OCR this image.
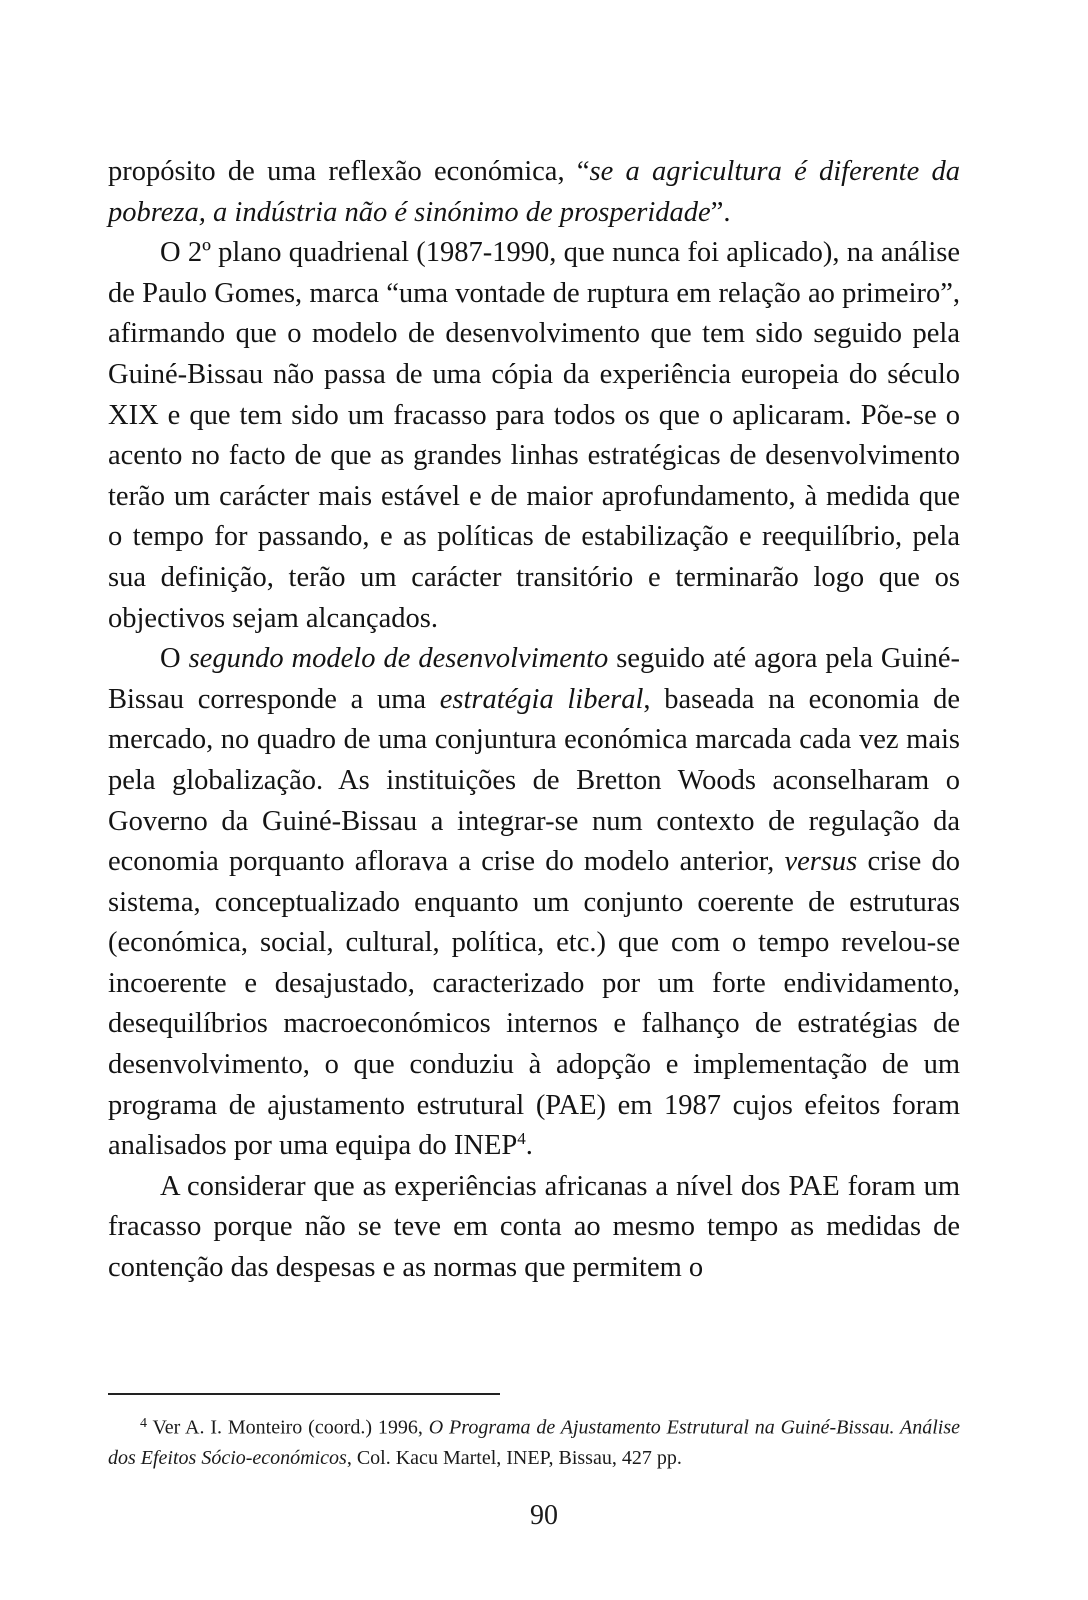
propósito de uma reflexão económica, “se a agricultura é diferente da pobreza, a indústria não é sinónimo de prosperidade”.

O 2º plano quadrienal (1987-1990, que nunca foi aplicado), na análise de Paulo Gomes, marca “uma vontade de ruptura em relação ao primeiro”, afirmando que o modelo de desenvolvimento que tem sido seguido pela Guiné-Bissau não passa de uma cópia da experiência europeia do século XIX e que tem sido um fracasso para todos os que o aplicaram. Põe-se o acento no facto de que as grandes linhas estratégicas de desenvolvimento terão um carácter mais estável e de maior aprofundamento, à medida que o tempo for passando, e as políticas de estabilização e reequilíbrio, pela sua definição, terão um carácter transitório e terminarão logo que os objectivos sejam alcançados.

O segundo modelo de desenvolvimento seguido até agora pela Guiné-Bissau corresponde a uma estratégia liberal, baseada na economia de mercado, no quadro de uma conjuntura económica marcada cada vez mais pela globalização. As instituições de Bretton Woods aconselharam o Governo da Guiné-Bissau a integrar-se num contexto de regulação da economia porquanto aflorava a crise do modelo anterior, versus crise do sistema, conceptualizado enquanto um conjunto coerente de estruturas (económica, social, cultural, política, etc.) que com o tempo revelou-se incoerente e desajustado, caracterizado por um forte endividamento, desequilíbrios macroeconómicos internos e falhanço de estratégias de desenvolvimento, o que conduziu à adopção e implementação de um programa de ajustamento estrutural (PAE) em 1987 cujos efeitos foram analisados por uma equipa do INEP$^4$.

A considerar que as experiências africanas a nível dos PAE foram um fracasso porque não se teve em conta ao mesmo tempo as medidas de contenção das despesas e as normas que permitem o

$^4$ Ver A. I. Monteiro (coord.) 1996, O Programa de Ajustamento Estrutural na Guiné-Bissau. Análise dos Efeitos Sócio-económicos, Col. Kacu Martel, INEP, Bissau, 427 pp.

90
